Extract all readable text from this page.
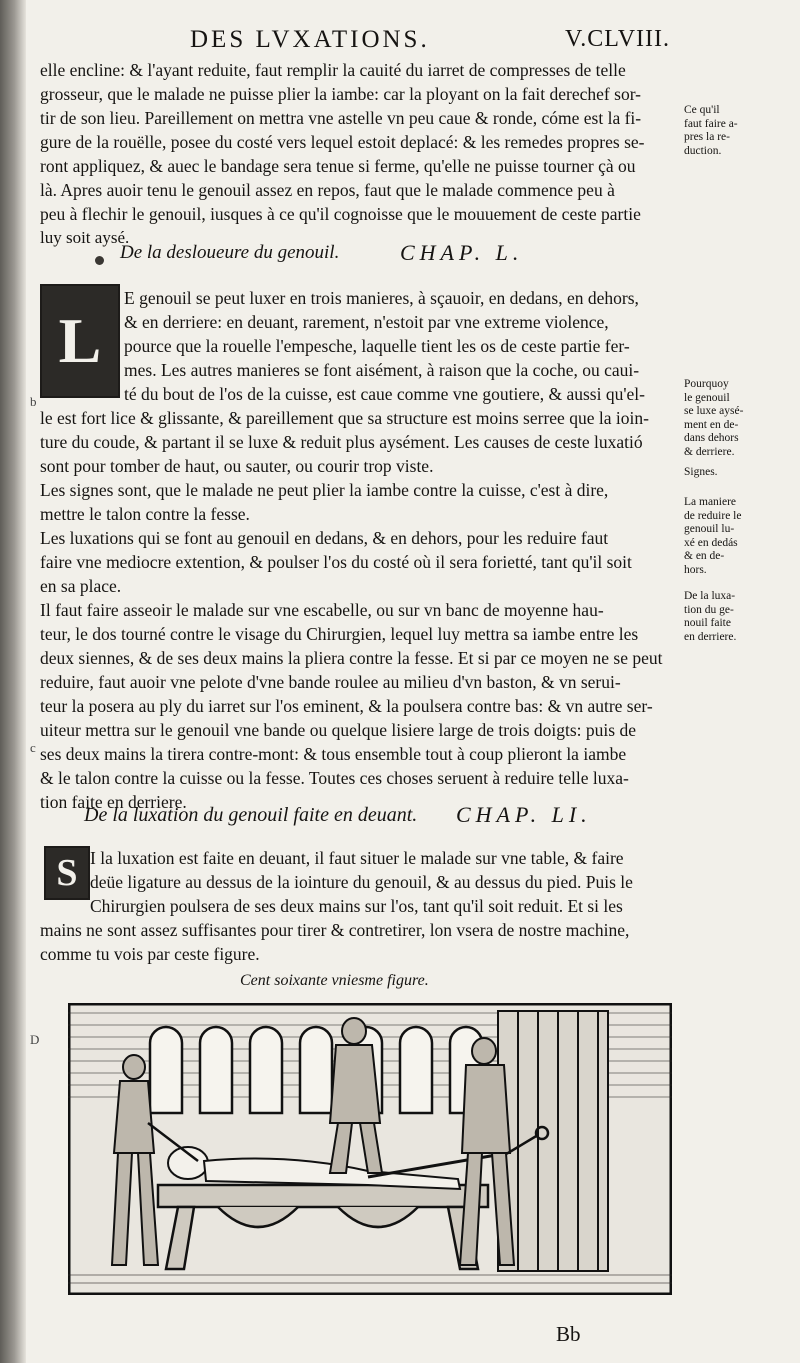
DES LVXATIONS.	V.CLVIII.
elle encline: & l'ayant reduite, faut remplir la cauité du iarret de compresses de telle
grosseur, que le malade ne puisse plier la iambe: car la ployant on la fait derechef sor-
tir de son lieu. Pareillement on mettra vne astelle vn peu caue & ronde, cóme est la fi-
gure de la rouëlle, posee du costé vers lequel estoit deplacé: & les remedes propres se-
ront appliquez, & auec le bandage sera tenue si ferme, qu'elle ne puisse tourner çà ou
là. Apres auoir tenu le genouil assez en repos, faut que le malade commence peu à
peu à flechir le genouil, iusques à ce qu'il cognoisse que le mouuement de ceste partie
luy soit aysé.
De la desloueure du genouil.	CHAP. L.
L
E genouil se peut luxer en trois manieres, à sçauoir, en dedans, en dehors,
& en derriere: en deuant, rarement, n'estoit par vne extreme violence,
pource que la rouelle l'empesche, laquelle tient les os de ceste partie fer-
mes. Les autres manieres se font aisément, à raison que la coche, ou caui-
té du bout de l'os de la cuisse, est caue comme vne goutiere, & aussi qu'el-
le est fort lice & glissante, & pareillement que sa structure est moins serree que la ioin-
ture du coude, & partant il se luxe & reduit plus aysément. Les causes de ceste luxatió
sont pour tomber de haut, ou sauter, ou courir trop viste.
Les signes sont, que le malade ne peut plier la iambe contre la cuisse, c'est à dire,
mettre le talon contre la fesse.
Les luxations qui se font au genouil en dedans, & en dehors, pour les reduire faut
faire vne mediocre extention, & poulser l'os du costé où il sera forietté, tant qu'il soit
en sa place.
Il faut faire asseoir le malade sur vne escabelle, ou sur vn banc de moyenne hau-
teur, le dos tourné contre le visage du Chirurgien, lequel luy mettra sa iambe entre les
deux siennes, & de ses deux mains la pliera contre la fesse. Et si par ce moyen ne se peut
reduire, faut auoir vne pelote d'vne bande roulee au milieu d'vn baston, & vn serui-
teur la posera au ply du iarret sur l'os eminent, & la poulsera contre bas: & vn autre ser-
uiteur mettra sur le genouil vne bande ou quelque lisiere large de trois doigts: puis de
ses deux mains la tirera contre-mont: & tous ensemble tout à coup plieront la iambe
& le talon contre la cuisse ou la fesse. Toutes ces choses seruent à reduire telle luxa-
tion faite en derriere.
De la luxation du genouil faite en deuant. CHAP. LI.
S I la luxation est faite en deuant, il faut situer le malade sur vne table, & faire
deüe ligature au dessus de la iointure du genouil, & au dessus du pied. Puis le
Chirurgien poulsera de ses deux mains sur l'os, tant qu'il soit reduit. Et si les
mains ne sont assez suffisantes pour tirer & contretirer, lon vsera de nostre machine,
comme tu vois par ceste figure.
Ce qu'il
faut faire a-
pres la re-
duction.
Pourquoy
le genouil
se luxe aysé-
ment en de-
dans dehors
& derriere.
Signes.
La maniere
de reduire le
genouil lu-
xé en dedás
& en de-
hors.
De la luxa-
tion du ge-
nouil faite
en derriere.
b
c
D
Cent soixante vniesme figure.
Bb
